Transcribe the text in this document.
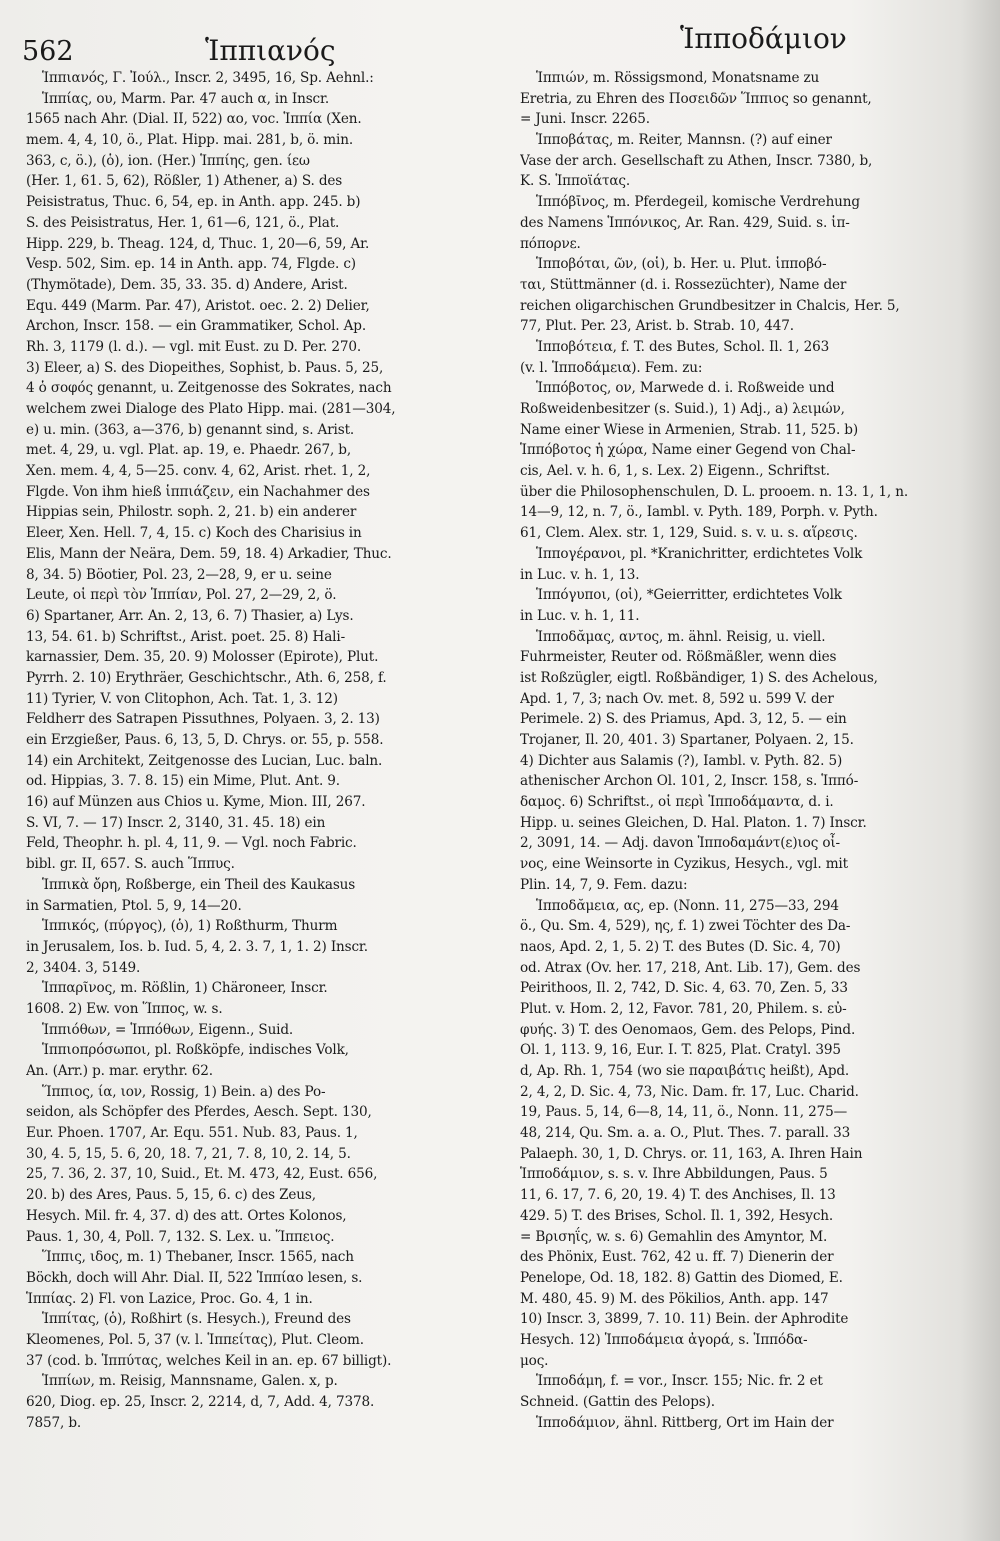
562	Ἱππιανός	Ἱπποδάμιον
Ἱππιανός, Γ. Ἰούλ., Inscr. 2, 3495, 16, Sp. Aehnl.:
Ἱππίας, ου, Marm. Par. 47 auch α, in Inscr.
1565 nach Ahr. (Dial. II, 522) αο, voc. Ἱππία (Xen.
mem. 4, 4, 10, ö., Plat. Hipp. mai. 281, b, ö. min.
363, c, ö.), (ὁ), ion. (Her.) Ἱππίης, gen. ίεω
(Her. 1, 61. 5, 62), Rößler, 1) Athener, a) S. des
Peisistratus, Thuc. 6, 54, ep. in Anth. app. 245. b)
S. des Peisistratus, Her. 1, 61—6, 121, ö., Plat.
Hipp. 229, b. Theag. 124, d, Thuc. 1, 20—6, 59, Ar.
Vesp. 502, Sim. ep. 14 in Anth. app. 74, Flgde. c)
(Thymötade), Dem. 35, 33. 35. d) Andere, Arist.
Equ. 449 (Marm. Par. 47), Aristot. oec. 2. 2) Delier,
Archon, Inscr. 158. — ein Grammatiker, Schol. Ap.
Rh. 3, 1179 (l. d.). — vgl. mit Eust. zu D. Per. 270.
3) Eleer, a) S. des Diopeithes, Sophist, b. Paus. 5, 25,
4 ὁ σοφός genannt, u. Zeitgenosse des Sokrates, nach
welchem zwei Dialoge des Plato Hipp. mai. (281—304,
e) u. min. (363, a—376, b) genannt sind, s. Arist.
met. 4, 29, u. vgl. Plat. ap. 19, e. Phaedr. 267, b,
Xen. mem. 4, 4, 5—25. conv. 4, 62, Arist. rhet. 1, 2,
Flgde. Von ihm hieß ἱππιάζειν, ein Nachahmer des
Hippias sein, Philostr. soph. 2, 21. b) ein anderer
Eleer, Xen. Hell. 7, 4, 15. c) Koch des Charisius in
Elis, Mann der Neära, Dem. 59, 18. 4) Arkadier, Thuc.
8, 34. 5) Böotier, Pol. 23, 2—28, 9, er u. seine
Leute, οἱ περὶ τὸν Ἱππίαν, Pol. 27, 2—29, 2, ö.
6) Spartaner, Arr. An. 2, 13, 6. 7) Thasier, a) Lys.
13, 54. 61. b) Schriftst., Arist. poet. 25. 8) Hali-
karnassier, Dem. 35, 20. 9) Molosser (Epirote), Plut.
Pyrrh. 2. 10) Erythräer, Geschichtschr., Ath. 6, 258, f.
11) Tyrier, V. von Clitophon, Ach. Tat. 1, 3. 12)
Feldherr des Satrapen Pissuthnes, Polyaen. 3, 2. 13)
ein Erzgießer, Paus. 6, 13, 5, D. Chrys. or. 55, p. 558.
14) ein Architekt, Zeitgenosse des Lucian, Luc. baln.
od. Hippias, 3. 7. 8. 15) ein Mime, Plut. Ant. 9.
16) auf Münzen aus Chios u. Kyme, Mion. III, 267.
S. VI, 7. — 17) Inscr. 2, 3140, 31. 45. 18) ein
Feld, Theophr. h. pl. 4, 11, 9. — Vgl. noch Fabric.
bibl. gr. II, 657. S. auch Ἵππυς.
Ἱππικὰ ὄρη, Roßberge, ein Theil des Kaukasus
in Sarmatien, Ptol. 5, 9, 14—20.
Ἱππικός, (πύργος), (ὁ), 1) Roßthurm, Thurm
in Jerusalem, Ios. b. Iud. 5, 4, 2. 3. 7, 1, 1. 2) Inscr.
2, 3404. 3, 5149.
Ἱππαρῖνος, m. Rößlin, 1) Chäroneer, Inscr.
1608. 2) Ew. von Ἵππος, w. s.
Ἱππιόθων, = Ἱππόθων, Eigenn., Suid.
Ἱππιοπρόσωποι, pl. Roßköpfe, indisches Volk,
An. (Arr.) p. mar. erythr. 62.
Ἵππιος, ία, ιον, Rossig, 1) Bein. a) des Po-
seidon, als Schöpfer des Pferdes, Aesch. Sept. 130,
Eur. Phoen. 1707, Ar. Equ. 551. Nub. 83, Paus. 1,
30, 4. 5, 15, 5. 6, 20, 18. 7, 21, 7. 8, 10, 2. 14, 5.
25, 7. 36, 2. 37, 10, Suid., Et. M. 473, 42, Eust. 656,
20. b) des Ares, Paus. 5, 15, 6. c) des Zeus,
Hesych. Mil. fr. 4, 37. d) des att. Ortes Kolonos,
Paus. 1, 30, 4, Poll. 7, 132. S. Lex. u. Ἵππειος.
Ἵππις, ιδος, m. 1) Thebaner, Inscr. 1565, nach
Böckh, doch will Ahr. Dial. II, 522 Ἱππίαο lesen, s.
Ἱππίας. 2) Fl. von Lazice, Proc. Go. 4, 1 in.
Ἱππίτας, (ὁ), Roßhirt (s. Hesych.), Freund des
Kleomenes, Pol. 5, 37 (v. l. Ἱππείτας), Plut. Cleom.
37 (cod. b. Ἱππύτας, welches Keil in an. ep. 67 billigt).
Ἱππίων, m. Reisig, Mannsname, Galen. x, p.
620, Diog. ep. 25, Inscr. 2, 2214, d, 7, Add. 4, 7378.
7857, b.
Ἱππιών, m. Rössigsmond, Monatsname zu
Eretria, zu Ehren des Ποσειδῶν Ἵππιος so genannt,
= Juni. Inscr. 2265.
Ἱπποβάτας, m. Reiter, Mannsn. (?) auf einer
Vase der arch. Gesellschaft zu Athen, Inscr. 7380, b,
K. S. Ἱπποϊάτας.
Ἱππόβῑνος, m. Pferdegeil, komische Verdrehung
des Namens Ἱππόνικος, Ar. Ran. 429, Suid. s. ἱπ-
πόπορνε.
Ἱπποβόται, ῶν, (οἱ), b. Her. u. Plut. ἱπποβό-
ται, Stüttmänner (d. i. Rossezüchter), Name der
reichen oligarchischen Grundbesitzer in Chalcis, Her. 5,
77, Plut. Per. 23, Arist. b. Strab. 10, 447.
Ἱπποβότεια, f. T. des Butes, Schol. Il. 1, 263
(v. l. Ἱπποδάμεια). Fem. zu:
Ἱππόβοτος, ον, Marwede d. i. Roßweide und
Roßweidenbesitzer (s. Suid.), 1) Adj., a) λειμών,
Name einer Wiese in Armenien, Strab. 11, 525. b)
Ἱππόβοτος ἡ χώρα, Name einer Gegend von Chal-
cis, Ael. v. h. 6, 1, s. Lex. 2) Eigenn., Schriftst.
über die Philosophenschulen, D. L. prooem. n. 13. 1, 1, n.
14—9, 12, n. 7, ö., Iambl. v. Pyth. 189, Porph. v. Pyth.
61, Clem. Alex. str. 1, 129, Suid. s. v. u. s. αἵρεσις.
Ἱππογέρανοι, pl. *Kranichritter, erdichtetes Volk
in Luc. v. h. 1, 13.
Ἱππόγυποι, (οἱ), *Geierritter, erdichtetes Volk
in Luc. v. h. 1, 11.
Ἱπποδᾰμας, αντος, m. ähnl. Reisig, u. viell.
Fuhrmeister, Reuter od. Rößmäßler, wenn dies
ist Roßzügler, eigtl. Roßbändiger, 1) S. des Achelous,
Apd. 1, 7, 3; nach Ov. met. 8, 592 u. 599 V. der
Perimele. 2) S. des Priamus, Apd. 3, 12, 5. — ein
Trojaner, Il. 20, 401. 3) Spartaner, Polyaen. 2, 15.
4) Dichter aus Salamis (?), Iambl. v. Pyth. 82. 5)
athenischer Archon Ol. 101, 2, Inscr. 158, s. Ἱππό-
δαμος. 6) Schriftst., οἱ περὶ Ἱπποδάμαντα, d. i.
Hipp. u. seines Gleichen, D. Hal. Platon. 1. 7) Inscr.
2, 3091, 14. — Adj. davon Ἱπποδαμάντ(ε)ιος οἶ-
νος, eine Weinsorte in Cyzikus, Hesych., vgl. mit
Plin. 14, 7, 9. Fem. dazu:
Ἱπποδᾰμεια, ας, ep. (Nonn. 11, 275—33, 294
ö., Qu. Sm. 4, 529), ης, f. 1) zwei Töchter des Da-
naos, Apd. 2, 1, 5. 2) T. des Butes (D. Sic. 4, 70)
od. Atrax (Ov. her. 17, 218, Ant. Lib. 17), Gem. des
Peirithoos, Il. 2, 742, D. Sic. 4, 63. 70, Zen. 5, 33
Plut. v. Hom. 2, 12, Favor. 781, 20, Philem. s. εὐ-
φυής. 3) T. des Oenomaos, Gem. des Pelops, Pind.
Ol. 1, 113. 9, 16, Eur. I. T. 825, Plat. Cratyl. 395
d, Ap. Rh. 1, 754 (wo sie παραιβάτις heißt), Apd.
2, 4, 2, D. Sic. 4, 73, Nic. Dam. fr. 17, Luc. Charid.
19, Paus. 5, 14, 6—8, 14, 11, ö., Nonn. 11, 275—
48, 214, Qu. Sm. a. a. O., Plut. Thes. 7. parall. 33
Palaeph. 30, 1, D. Chrys. or. 11, 163, A. Ihren Hain
Ἱπποδάμιον, s. s. v. Ihre Abbildungen, Paus. 5
11, 6. 17, 7. 6, 20, 19. 4) T. des Anchises, Il. 13
429. 5) T. des Brises, Schol. Il. 1, 392, Hesych.
= Βρισηΐς, w. s. 6) Gemahlin des Amyntor, M.
des Phönix, Eust. 762, 42 u. ff. 7) Dienerin der
Penelope, Od. 18, 182. 8) Gattin des Diomed, E.
M. 480, 45. 9) M. des Pökilios, Anth. app. 147
10) Inscr. 3, 3899, 7. 10. 11) Bein. der Aphrodite
Hesych. 12) Ἱπποδάμεια ἀγορά, s. Ἱππόδα-
μος.
Ἱπποδάμη, f. = vor., Inscr. 155; Nic. fr. 2 et
Schneid. (Gattin des Pelops).
Ἱπποδάμιον, ähnl. Rittberg, Ort im Hain der
